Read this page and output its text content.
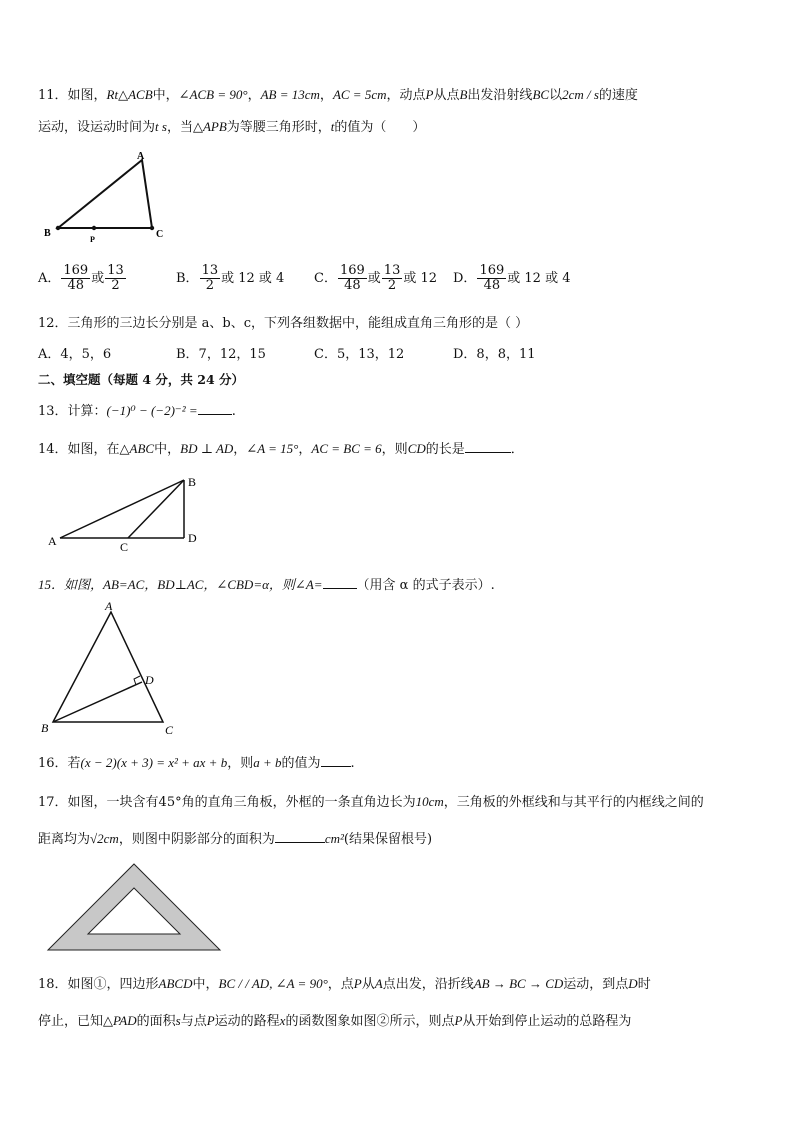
11．如图，Rt△ACB中，∠ACB = 90°，AB = 13cm，AC = 5cm，动点P从点B出发沿射线BC以2cm / s的速度
运动，设运动时间为t s，当△APB为等腰三角形时，t的值为（　　）
A
B
P	C
A． $\frac{169}{48}$ 或 $\frac{13}{2}$	B． $\frac{13}{2}$ 或 12 或 4 C． $\frac{169}{48}$ 或 $\frac{13}{2}$ 或 12 D． $\frac{169}{48}$ 或 12 或 4
12．三角形的三边长分别是 a、b、c，下列各组数据中，能组成直角三角形的是（ ）
A．4，5，6	B．7，12，15	C．5，13，12	D．8，8，11
二、填空题（每题 4 分，共 24 分）
13．计算：(−1)⁰ − (−2)⁻² =	.
14．如图，在△ABC中，BD ⊥ AD，∠A = 15°，AC = BC = 6，则CD的长是	．
A	C
D
B
15．如图，AB=AC，BD⊥AC，∠CBD=α，则∠A=	（用含 α 的式子表示）.
A
B	C
D
16．若(x − 2)(x + 3) = x² + ax + b，则a + b的值为 .
17．如图，一块含有45°角的直角三角板，外框的一条直角边长为10cm，三角板的外框线和与其平行的内框线之间的
距离均为√2cm，则图中阴影部分的面积为	cm²(结果保留根号)
18．如图①，四边形ABCD中，BC / / AD, ∠A = 90°，点P从A点出发，沿折线AB → BC → CD运动，到点D时
停止，已知△PAD的面积s与点P运动的路程x的函数图象如图②所示，则点P从开始到停止运动的总路程为
